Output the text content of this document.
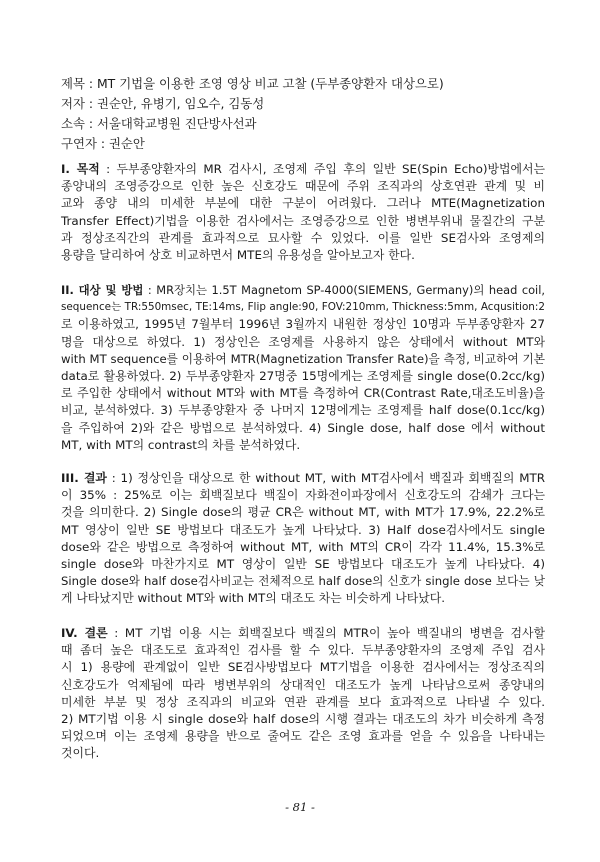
제목 : MT 기법을 이용한 조영 영상 비교 고찰 (두부종양환자 대상으로)
저자 : 권순안, 유병기, 임오수, 김동성
소속 : 서울대학교병원 진단방사선과
구연자 : 권순안
I. 목적 : 두부종양환자의 MR 검사시, 조영제 주입 후의 일반 SE(Spin Echo)방법에서는
종양내의 조영증강으로 인한 높은 신호강도 때문에 주위 조직과의 상호연관 관계 및 비
교와 종양 내의 미세한 부분에 대한 구분이 어려웠다. 그러나 MTE(Magnetization
Transfer Effect)기법을 이용한 검사에서는 조영증강으로 인한 병변부위내 물질간의 구분
과 정상조직간의 관계를 효과적으로 묘사할 수 있었다. 이를 일반 SE검사와 조영제의
용량을 달리하여 상호 비교하면서 MTE의 유용성을 알아보고자 한다.
II. 대상 및 방법 : MR장치는 1.5T Magnetom SP-4000(SIEMENS, Germany)의 head coil,
sequence는 TR:550msec, TE:14ms, Flip angle:90, FOV:210mm, Thickness:5mm, Acqusition:2
로 이용하였고, 1995년 7월부터 1996년 3월까지 내원한 정상인 10명과 두부종양환자 27
명을 대상으로 하였다. 1) 정상인은 조영제를 사용하지 않은 상태에서 without MT와
with MT sequence를 이용하여 MTR(Magnetization Transfer Rate)을 측정, 비교하여 기본
data로 활용하였다. 2) 두부종양환자 27명중 15명에게는 조영제를 single dose(0.2cc/kg)
로 주입한 상태에서 without MT와 with MT를 측정하여 CR(Contrast Rate,대조도비율)을
비교, 분석하였다. 3) 두부종양환자 중 나머지 12명에게는 조영제를 half dose(0.1cc/kg)
을 주입하여 2)와 같은 방법으로 분석하였다. 4) Single dose, half dose 에서 without
MT, with MT의 contrast의 차를 분석하였다.
III. 결과 : 1) 정상인을 대상으로 한 without MT, with MT검사에서 백질과 회백질의 MTR
이 35% : 25%로 이는 회백질보다 백질이 자화전이파장에서 신호강도의 감쇄가 크다는
것을 의미한다. 2) Single dose의 평균 CR은 without MT, with MT가 17.9%, 22.2%로
MT 영상이 일반 SE 방법보다 대조도가 높게 나타났다. 3) Half dose검사에서도 single
dose와 같은 방법으로 측정하여 without MT, with MT의 CR이 각각 11.4%, 15.3%로
single dose와 마찬가지로 MT 영상이 일반 SE 방법보다 대조도가 높게 나타났다. 4)
Single dose와 half dose검사비교는 전체적으로 half dose의 신호가 single dose 보다는 낮
게 나타났지만 without MT와 with MT의 대조도 차는 비슷하게 나타났다.
IV. 결론 : MT 기법 이용 시는 회백질보다 백질의 MTR이 높아 백질내의 병변을 검사할
때 좀더 높은 대조도로 효과적인 검사를 할 수 있다. 두부종양환자의 조영제 주입 검사
시 1) 용량에 관계없이 일반 SE검사방법보다 MT기법을 이용한 검사에서는 정상조직의
신호강도가 억제됨에 따라 병변부위의 상대적인 대조도가 높게 나타남으로써 종양내의
미세한 부분 및 정상 조직과의 비교와 연관 관계를 보다 효과적으로 나타낼 수 있다.
2) MT기법 이용 시 single dose와 half dose의 시행 결과는 대조도의 차가 비슷하게 측정
되었으며 이는 조영제 용량을 반으로 줄여도 같은 조영 효과를 얻을 수 있음을 나타내는
것이다.
- 81 -
